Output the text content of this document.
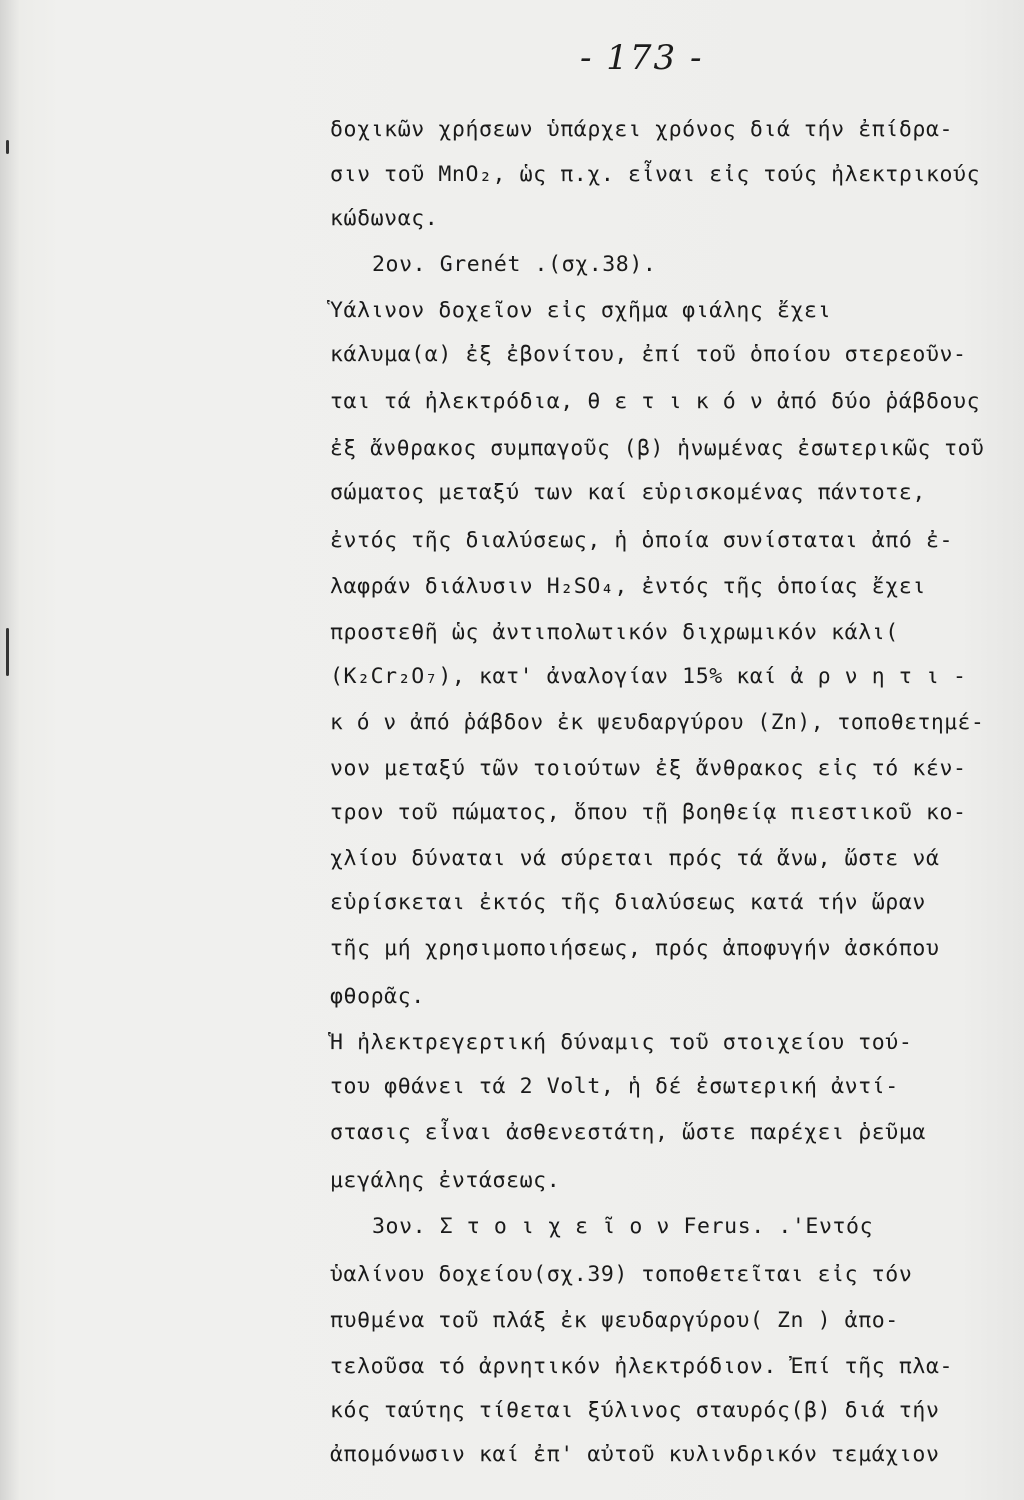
- 173 -
δοχικῶν χρήσεων ὑπάρχει χρόνος διά τήν ἐπίδρα-
σιν τοῦ MnO₂, ὡς π.χ. εἶναι εἰς τούς ἠλεκτρικούς
κώδωνας.
2ον. Grenét .(σχ.38).
Ὑάλινον δοχεῖον εἰς σχῆμα φιάλης ἔχει
κάλυμα(α) ἐξ ἐβονίτου, ἐπί τοῦ ὁποίου στερεοῦν-
ται τά ἠλεκτρόδια, θ ε τ ι κ ό ν ἀπό δύο ῥάβδους
ἐξ ἄνθρακος συμπαγοῦς (β) ἡνωμένας ἐσωτερικῶς τοῦ
σώματος μεταξύ των καί εὑρισκομένας πάντοτε,
ἐντός τῆς διαλύσεως, ἡ ὁποία συνίσταται ἀπό ἐ-
λαφράν διάλυσιν H₂SO₄, ἐντός τῆς ὁποίας ἔχει
προστεθῆ ὡς ἀντιπολωτικόν διχρωμικόν κάλι(
(K₂Cr₂O₇), κατ' ἀναλογίαν 15% καί ἀ ρ ν η τ ι -
κ ό ν ἀπό ῥάβδον ἐκ ψευδαργύρου (Zn), τοποθετημέ-
νον μεταξύ τῶν τοιούτων ἐξ ἄνθρακος εἰς τό κέν-
τρον τοῦ πώματος, ὅπου τῇ βοηθείᾳ πιεστικοῦ κο-
χλίου δύναται νά σύρεται πρός τά ἄνω, ὥστε νά
εὑρίσκεται ἐκτός τῆς διαλύσεως κατά τήν ὥραν
τῆς μή χρησιμοποιήσεως, πρός ἀποφυγήν ἀσκόπου
φθορᾶς.
Ἡ ἠλεκτρεγερτική δύναμις τοῦ στοιχείου τού-
του φθάνει τά 2 Volt, ἡ δέ ἐσωτερική ἀντί-
στασις εἶναι ἀσθενεστάτη, ὥστε παρέχει ῥεῦμα
μεγάλης ἐντάσεως.
3ον. Σ τ ο ι χ ε ῖ ο ν Ferus. .'Εντός
ὑαλίνου δοχείου(σχ.39) τοποθετεῖται εἰς τόν
πυθμένα τοῦ πλάξ ἐκ ψευδαργύρου( Zn ) ἀπο-
τελοῦσα τό ἀρνητικόν ἠλεκτρόδιον. Ἐπί τῆς πλα-
κός ταύτης τίθεται ξύλινος σταυρός(β) διά τήν
ἀπομόνωσιν καί ἐπ' αὐτοῦ κυλινδρικόν τεμάχιον
